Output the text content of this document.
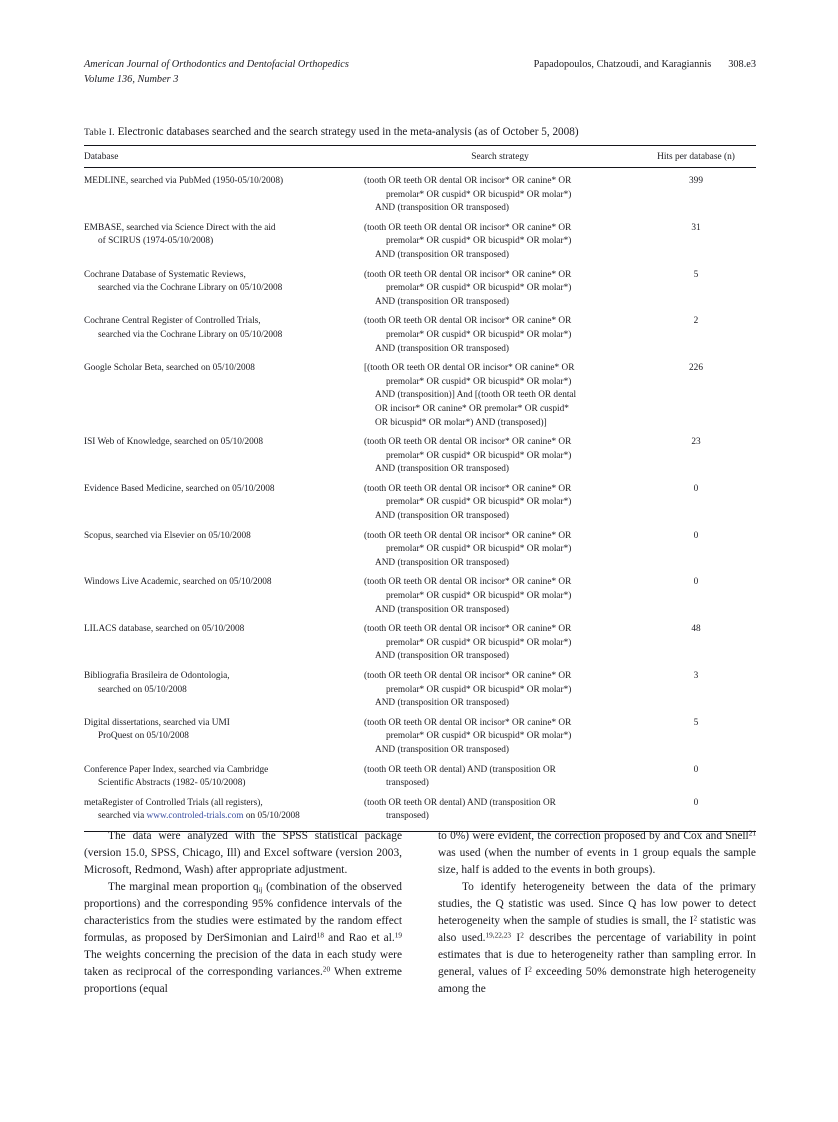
American Journal of Orthodontics and Dentofacial Orthopedics	Papadopoulos, Chatzoudi, and Karagiannis 308.e3
Volume 136, Number 3
Table I. Electronic databases searched and the search strategy used in the meta-analysis (as of October 5, 2008)
Database	Search strategy	Hits per database (n)
MEDLINE, searched via PubMed (1950-05/10/2008)	(tooth OR teeth OR dental OR incisor* OR canine* OR
premolar* OR cuspid* OR bicuspid* OR molar*)
AND (transposition OR transposed)	399

EMBASE, searched via Science Direct with the aid
of SCIRUS (1974-05/10/2008)	(tooth OR teeth OR dental OR incisor* OR canine* OR
premolar* OR cuspid* OR bicuspid* OR molar*)
AND (transposition OR transposed)	31

Cochrane Database of Systematic Reviews,
searched via the Cochrane Library on 05/10/2008	(tooth OR teeth OR dental OR incisor* OR canine* OR
premolar* OR cuspid* OR bicuspid* OR molar*)
AND (transposition OR transposed)	5

Cochrane Central Register of Controlled Trials,
searched via the Cochrane Library on 05/10/2008	(tooth OR teeth OR dental OR incisor* OR canine* OR
premolar* OR cuspid* OR bicuspid* OR molar*)
AND (transposition OR transposed)	2

Google Scholar Beta, searched on 05/10/2008	[(tooth OR teeth OR dental OR incisor* OR canine* OR
premolar* OR cuspid* OR bicuspid* OR molar*)
AND (transposition)] And [(tooth OR teeth OR dental
OR incisor* OR canine* OR premolar* OR cuspid*
OR bicuspid* OR molar*) AND (transposed)]	226

ISI Web of Knowledge, searched on 05/10/2008	(tooth OR teeth OR dental OR incisor* OR canine* OR
premolar* OR cuspid* OR bicuspid* OR molar*)
AND (transposition OR transposed)	23

Evidence Based Medicine, searched on 05/10/2008	(tooth OR teeth OR dental OR incisor* OR canine* OR
premolar* OR cuspid* OR bicuspid* OR molar*)
AND (transposition OR transposed)	0

Scopus, searched via Elsevier on 05/10/2008	(tooth OR teeth OR dental OR incisor* OR canine* OR
premolar* OR cuspid* OR bicuspid* OR molar*)
AND (transposition OR transposed)	0

Windows Live Academic, searched on 05/10/2008	(tooth OR teeth OR dental OR incisor* OR canine* OR
premolar* OR cuspid* OR bicuspid* OR molar*)
AND (transposition OR transposed)	0

LILACS database, searched on 05/10/2008	(tooth OR teeth OR dental OR incisor* OR canine* OR
premolar* OR cuspid* OR bicuspid* OR molar*)
AND (transposition OR transposed)	48

Bibliografia Brasileira de Odontologia,
searched on 05/10/2008	(tooth OR teeth OR dental OR incisor* OR canine* OR
premolar* OR cuspid* OR bicuspid* OR molar*)
AND (transposition OR transposed)	3

Digital dissertations, searched via UMI
ProQuest on 05/10/2008	(tooth OR teeth OR dental OR incisor* OR canine* OR
premolar* OR cuspid* OR bicuspid* OR molar*)
AND (transposition OR transposed)	5

Conference Paper Index, searched via Cambridge
Scientific Abstracts (1982- 05/10/2008)	(tooth OR teeth OR dental) AND (transposition OR
transposed)	0

metaRegister of Controlled Trials (all registers),
searched via www.controled-trials.com on 05/10/2008	(tooth OR teeth OR dental) AND (transposition OR
transposed)	0

The data were analyzed with the SPSS statistical package (version 15.0, SPSS, Chicago, Ill) and Excel software (version 2003, Microsoft, Redmond, Wash) after appropriate adjustment.

The marginal mean proportion $q_{ij}$ (combination of the observed proportions) and the corresponding 95% confidence intervals of the characteristics from the studies were estimated by the random effect formulas, as proposed by DerSimonian and Laird$^{18}$ and Rao et al.$^{19}$ The weights concerning the precision of the data in each study were taken as reciprocal of the corresponding variances.$^{20}$ When extreme proportions (equal

to 0%) were evident, the correction proposed by and Cox and Snell$^{21}$ was used (when the number of events in 1 group equals the sample size, half is added to the events in both groups).

To identify heterogeneity between the data of the primary studies, the Q statistic was used. Since Q has low power to detect heterogeneity when the sample of studies is small, the $I^2$ statistic was also used.$^{19,22,23}$ $I^2$ describes the percentage of variability in point estimates that is due to heterogeneity rather than sampling error. In general, values of $I^2$ exceeding 50% demonstrate high heterogeneity among the
